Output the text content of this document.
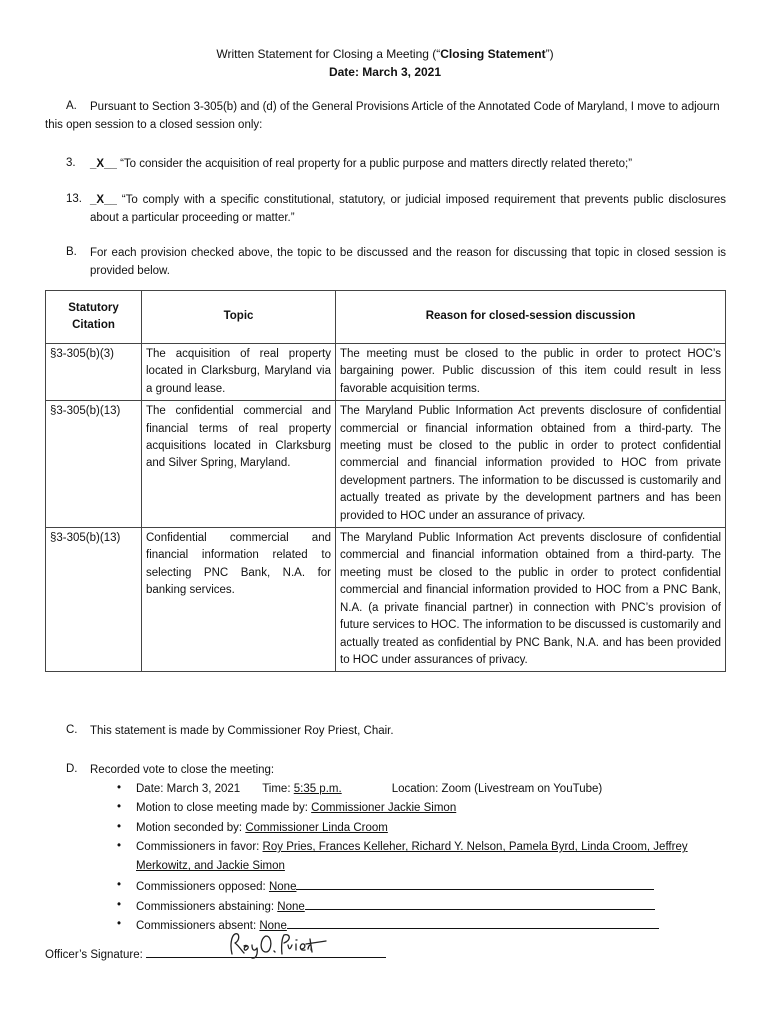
Written Statement for Closing a Meeting (“Closing Statement”)
Date: March 3, 2021
A.	Pursuant to Section 3-305(b) and (d) of the General Provisions Article of the Annotated Code of Maryland, I move to adjourn this open session to a closed session only:
3. _X__ “To consider the acquisition of real property for a public purpose and matters directly related thereto;”
13. _X__ “To comply with a specific constitutional, statutory, or judicial imposed requirement that prevents public disclosures about a particular proceeding or matter.”
B. For each provision checked above, the topic to be discussed and the reason for discussing that topic in closed session is provided below.
Statutory Citation	Topic	Reason for closed-session discussion
§3-305(b)(3)	The acquisition of real property located in Clarksburg, Maryland via a ground lease.	The meeting must be closed to the public in order to protect HOC’s bargaining power. Public discussion of this item could result in less favorable acquisition terms.
§3-305(b)(13)	The confidential commercial and financial terms of real property acquisitions located in Clarksburg and Silver Spring, Maryland.	The Maryland Public Information Act prevents disclosure of confidential commercial or financial information obtained from a third-party. The meeting must be closed to the public in order to protect confidential commercial and financial information provided to HOC from private development partners. The information to be discussed is customarily and actually treated as private by the development partners and has been provided to HOC under an assurance of privacy.
§3-305(b)(13)	Confidential commercial and financial information related to selecting PNC Bank, N.A. for banking services.	The Maryland Public Information Act prevents disclosure of confidential commercial and financial information obtained from a third-party. The meeting must be closed to the public in order to protect confidential commercial and financial information provided to HOC from a PNC Bank, N.A. (a private financial partner) in connection with PNC’s provision of future services to HOC. The information to be discussed is customarily and actually treated as confidential by PNC Bank, N.A. and has been provided to HOC under assurances of privacy.
C. This statement is made by Commissioner Roy Priest, Chair.
D. Recorded vote to close the meeting:
• Date: March 3, 2021 Time: 5:35 p.m.	Location: Zoom (Livestream on YouTube)
• Motion to close meeting made by: Commissioner Jackie Simon
• Motion seconded by: Commissioner Linda Croom
• Commissioners in favor: Roy Pries, Frances Kelleher, Richard Y. Nelson, Pamela Byrd, Linda Croom, Jeffrey
Merkowitz, and Jackie Simon
• Commissioners opposed: None
• Commissioners abstaining: None
• Commissioners absent: None
Officer’s Signature:
